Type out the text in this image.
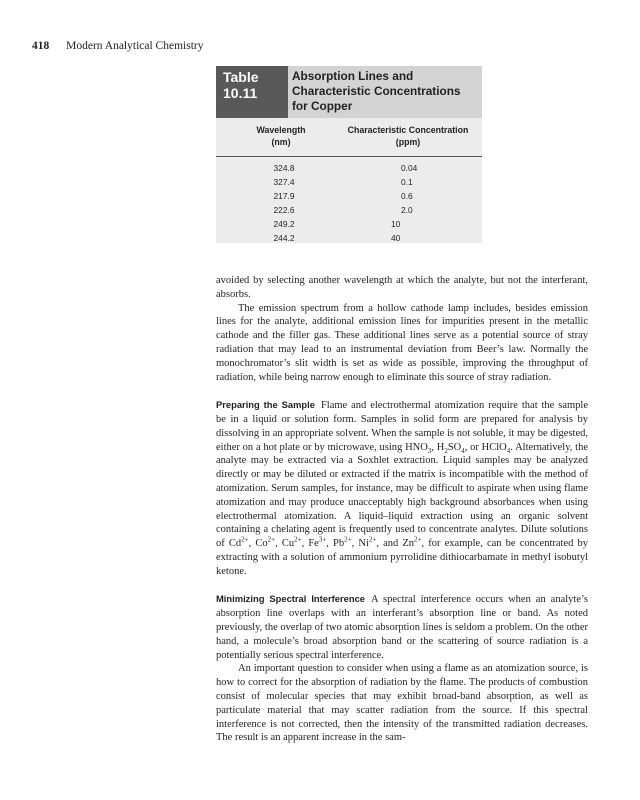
418 Modern Analytical Chemistry
Table 10.11
Absorption Lines and
Characteristic Concentrations
for Copper
Wavelength
(nm)
Characteristic Concentration
(ppm)
324.8	0.04
327.4	0.1
217.9	0.6
222.6	2.0
249.2	10
244.2	40

avoided by selecting another wavelength at which the analyte, but not the interferant, absorbs.

The emission spectrum from a hollow cathode lamp includes, besides emission lines for the analyte, additional emission lines for impurities present in the metallic cathode and the filler gas. These additional lines serve as a potential source of stray radiation that may lead to an instrumental deviation from Beer’s law. Normally the monochromator’s slit width is set as wide as possible, improving the throughput of radiation, while being narrow enough to eliminate this source of stray radiation.

Preparing the Sample Flame and electrothermal atomization require that the sample be in a liquid or solution form. Samples in solid form are prepared for analysis by dissolving in an appropriate solvent. When the sample is not soluble, it may be digested, either on a hot plate or by microwave, using $HNO_3$, $H_2SO_4$, or HClO$_4$. Alternatively, the analyte may be extracted via a Soxhlet extraction. Liquid samples may be analyzed directly or may be diluted or extracted if the matrix is incompatible with the method of atomization. Serum samples, for instance, may be difficult to aspirate when using flame atomization and may produce unacceptably high background absorbances when using electrothermal atomization. A liquid–liquid extraction using an organic solvent containing a chelating agent is frequently used to concentrate analytes. Dilute solutions of $Cd^{2+}$, $Co^{2+}$, $Cu^{2+}$, $Fe^{3+}$, $Pb^{2+}$, $Ni^{2+}$, and $Zn^{2+}$, for example, can be concentrated by extracting with a solution of ammonium pyrrolidine dithiocarbamate in methyl isobutyl ketone.

Minimizing Spectral Interference A spectral interference occurs when an analyte’s absorption line overlaps with an interferant’s absorption line or band. As noted previously, the overlap of two atomic absorption lines is seldom a problem. On the other hand, a molecule’s broad absorption band or the scattering of source radiation is a potentially serious spectral interference.

An important question to consider when using a flame as an atomization source, is how to correct for the absorption of radiation by the flame. The products of combustion consist of molecular species that may exhibit broad-band absorption, as well as particulate material that may scatter radiation from the source. If this spectral interference is not corrected, then the intensity of the transmitted radiation decreases. The result is an apparent increase in the sam-
